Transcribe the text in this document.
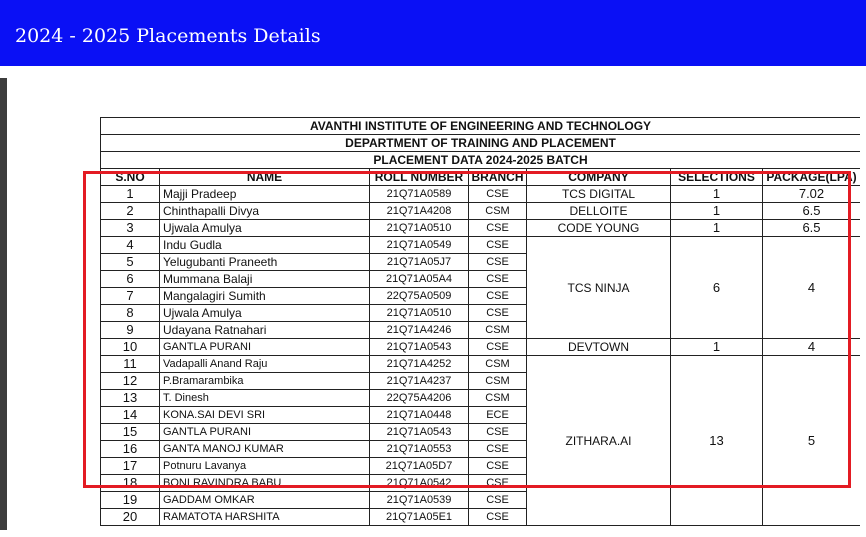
2024 - 2025 Placements Details
AVANTHI INSTITUTE OF ENGINEERING AND TECHNOLOGY						
DEPARTMENT OF TRAINING AND PLACEMENT						
PLACEMENT DATA 2024-2025 BATCH						
S.NO	NAME	ROLL NUMBER	BRANCH	COMPANY	SELECTIONS	PACKAGE(LPA)
1	Majji Pradeep	21Q71A0589	CSE	TCS DIGITAL	1	7.02
2	Chinthapalli Divya	21Q71A4208	CSM	DELLOITE	1	6.5
3	Ujwala Amulya	21Q71A0510	CSE	CODE YOUNG	1	6.5
4	Indu Gudla	21Q71A0549	CSE	TCS NINJA	6	4
5	Yelugubanti Praneeth	21Q71A05J7	CSE			
6	Mummana Balaji	21Q71A05A4	CSE			
7	Mangalagiri Sumith	22Q75A0509	CSE			
8	Ujwala Amulya	21Q71A0510	CSE			
9	Udayana Ratnahari	21Q71A4246	CSM			
10	GANTLA PURANI	21Q71A0543	CSE	DEVTOWN	1	4
11	Vadapalli Anand Raju	21Q71A4252	CSM	ZITHARA.AI	13	5
12	P.Bramarambika	21Q71A4237	CSM			
13	T. Dinesh	22Q75A4206	CSM			
14	KONA.SAI DEVI SRI	21Q71A0448	ECE			
15	GANTLA PURANI	21Q71A0543	CSE			
16	GANTA MANOJ KUMAR	21Q71A0553	CSE			
17	Potnuru Lavanya	21Q71A05D7	CSE			
18	BONI RAVINDRA BABU	21Q71A0542	CSE			
19	GADDAM OMKAR	21Q71A0539	CSE			
20	RAMATOTA HARSHITA	21Q71A05E1	CSE			
